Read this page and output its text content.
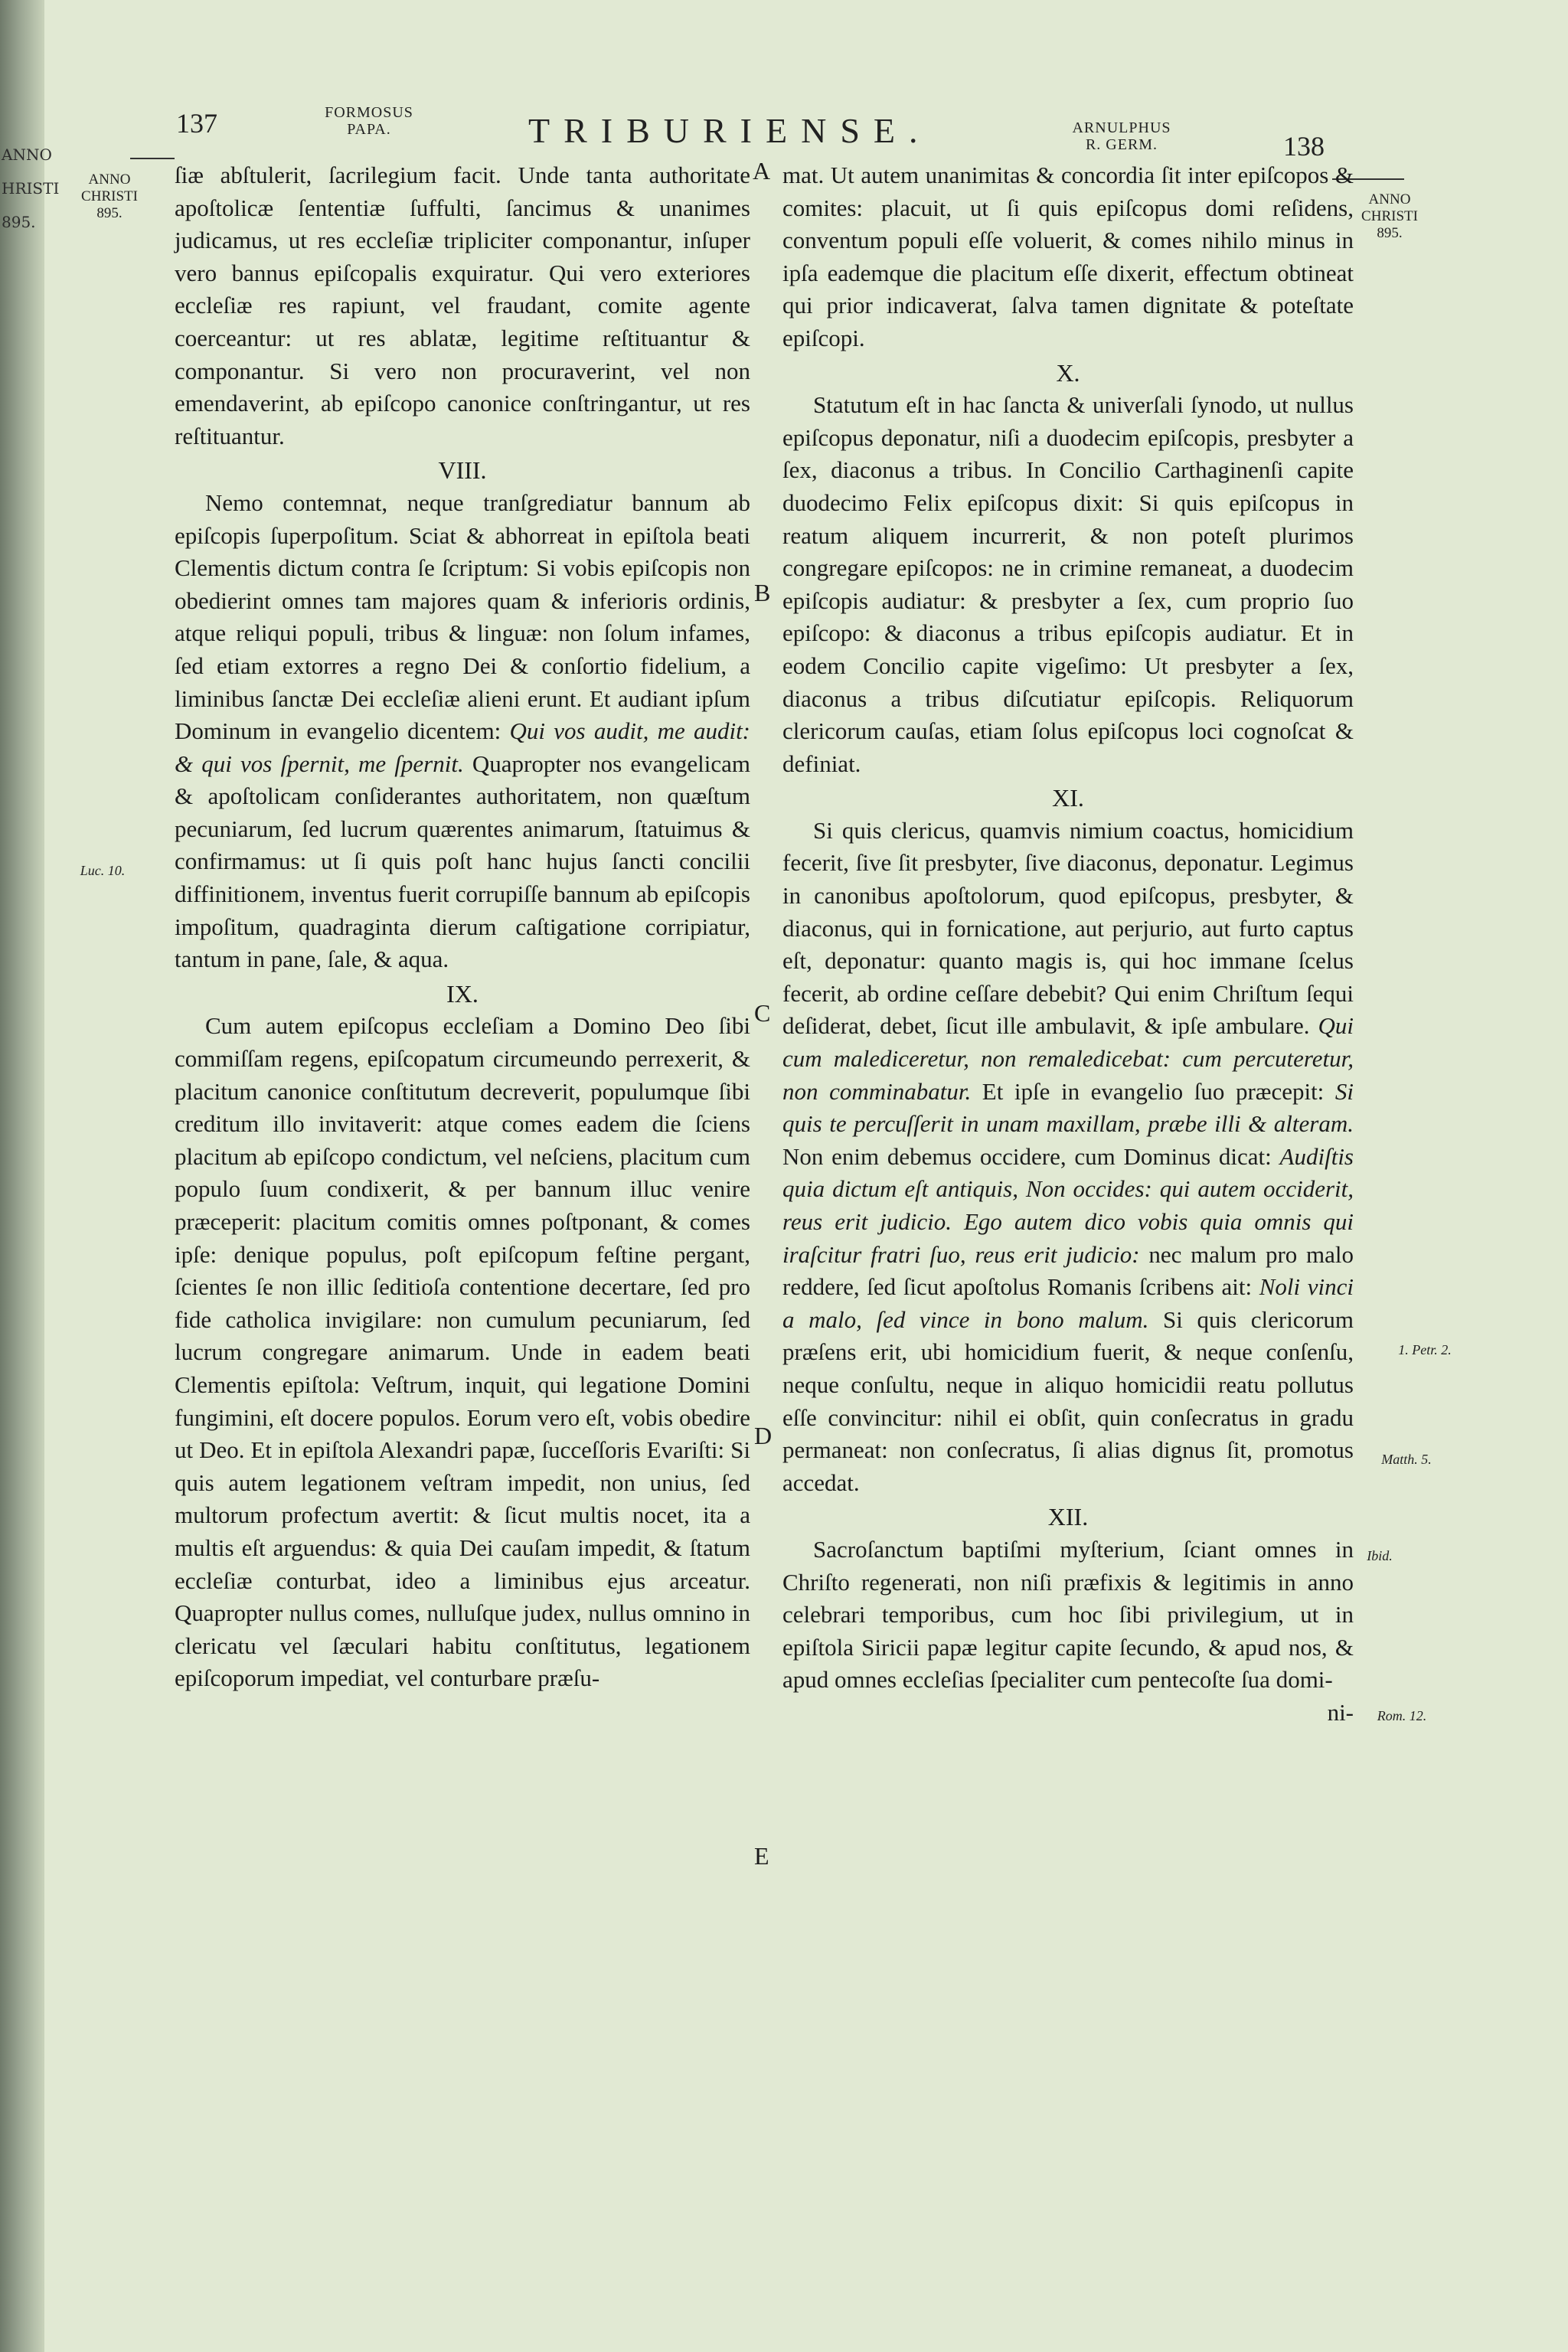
ANNO
HRISTI
895.
137	FORMOSUS
PAPA.	TRIBURIENSE.	ARNULPHUS
R. GERM.	138
ANNO
CHRISTI
895.
ANNO
CHRISTI
895.
Luc. 10.
1. Petr. 2.
Matth. 5.
Ibid.
Rom. 12.
A
B
C
D
E

ſiæ abſtulerit, ſacrilegium facit. Unde tanta authoritate apoſtolicæ ſententiæ ſuffulti, ſancimus & unanimes judicamus, ut res eccleſiæ tripliciter componantur, inſuper vero bannus epiſcopalis exquiratur. Qui vero exteriores eccleſiæ res rapiunt, vel fraudant, comite agente coerceantur: ut res ablatæ, legitime reſtituantur & componantur. Si vero non procuraverint, vel non emendaverint, ab epiſcopo canonice conſtringantur, ut res reſtituantur.

VIII.

Nemo contemnat, neque tranſgrediatur bannum ab epiſcopis ſuperpoſitum. Sciat & abhorreat in epiſtola beati Clementis dictum contra ſe ſcriptum: Si vobis epiſcopis non obedierint omnes tam majores quam & inferioris ordinis, atque reliqui populi, tribus & linguæ: non ſolum infames, ſed etiam extorres a regno Dei & conſortio fidelium, a liminibus ſanctæ Dei eccleſiæ alieni erunt. Et audiant ipſum Dominum in evangelio dicentem: Qui vos audit, me audit: & qui vos ſpernit, me ſpernit. Quapropter nos evangelicam & apoſtolicam conſiderantes authoritatem, non quæſtum pecuniarum, ſed lucrum quærentes animarum, ſtatuimus & confirmamus: ut ſi quis poſt hanc hujus ſancti concilii diffinitionem, inventus fuerit corrupiſſe bannum ab epiſcopis impoſitum, quadraginta dierum caſtigatione corripiatur, tantum in pane, ſale, & aqua.

IX.

Cum autem epiſcopus eccleſiam a Domino Deo ſibi commiſſam regens, epiſcopatum circumeundo perrexerit, & placitum canonice conſtitutum decreverit, populumque ſibi creditum illo invitaverit: atque comes eadem die ſciens placitum ab epiſcopo condictum, vel neſciens, placitum cum populo ſuum condixerit, & per bannum illuc venire præceperit: placitum comitis omnes poſtponant, & comes ipſe: denique populus, poſt epiſcopum feſtine pergant, ſcientes ſe non illic ſeditioſa contentione decertare, ſed pro fide catholica invigilare: non cumulum pecuniarum, ſed lucrum congregare animarum. Unde in eadem beati Clementis epiſtola: Veſtrum, inquit, qui legatione Domini fungimini, eſt docere populos. Eorum vero eſt, vobis obedire ut Deo. Et in epiſtola Alexandri papæ, ſucceſſoris Evariſti: Si quis autem legationem veſtram impedit, non unius, ſed multorum profectum avertit: & ſicut multis nocet, ita a multis eſt arguendus: & quia Dei cauſam impedit, & ſtatum eccleſiæ conturbat, ideo a liminibus ejus arceatur. Quapropter nullus comes, nulluſque judex, nullus omnino in clericatu vel ſæculari habitu conſtitutus, legationem epiſcoporum impediat, vel conturbare præſu-

mat. Ut autem unanimitas & concordia ſit inter epiſcopos & comites: placuit, ut ſi quis epiſcopus domi reſidens, conventum populi eſſe voluerit, & comes nihilo minus in ipſa eademque die placitum eſſe dixerit, effectum obtineat qui prior indicaverat, ſalva tamen dignitate & poteſtate epiſcopi.

X.

Statutum eſt in hac ſancta & univerſali ſynodo, ut nullus epiſcopus deponatur, niſi a duodecim epiſcopis, presbyter a ſex, diaconus a tribus. In Concilio Carthaginenſi capite duodecimo Felix epiſcopus dixit: Si quis epiſcopus in reatum aliquem incurrerit, & non poteſt plurimos congregare epiſcopos: ne in crimine remaneat, a duodecim epiſcopis audiatur: & presbyter a ſex, cum proprio ſuo epiſcopo: & diaconus a tribus epiſcopis audiatur. Et in eodem Concilio capite vigeſimo: Ut presbyter a ſex, diaconus a tribus diſcutiatur epiſcopis. Reliquorum clericorum cauſas, etiam ſolus epiſcopus loci cognoſcat & definiat.

XI.

Si quis clericus, quamvis nimium coactus, homicidium fecerit, ſive ſit presbyter, ſive diaconus, deponatur. Legimus in canonibus apoſtolorum, quod epiſcopus, presbyter, & diaconus, qui in fornicatione, aut perjurio, aut furto captus eſt, deponatur: quanto magis is, qui hoc immane ſcelus fecerit, ab ordine ceſſare debebit? Qui enim Chriſtum ſequi deſiderat, debet, ſicut ille ambulavit, & ipſe ambulare. Qui cum malediceretur, non remaledicebat: cum percuteretur, non comminabatur. Et ipſe in evangelio ſuo præcepit: Si quis te percuſſerit in unam maxillam, præbe illi & alteram. Non enim debemus occidere, cum Dominus dicat: Audiſtis quia dictum eſt antiquis, Non occides: qui autem occiderit, reus erit judicio. Ego autem dico vobis quia omnis qui iraſcitur fratri ſuo, reus erit judicio: nec malum pro malo reddere, ſed ſicut apoſtolus Romanis ſcribens ait: Noli vinci a malo, ſed vince in bono malum. Si quis clericorum præſens erit, ubi homicidium fuerit, & neque conſenſu, neque conſultu, neque in aliquo homicidii reatu pollutus eſſe convincitur: nihil ei obſit, quin conſecratus in gradu permaneat: non conſecratus, ſi alias dignus ſit, promotus accedat.

XII.

Sacroſanctum baptiſmi myſterium, ſciant omnes in Chriſto regenerati, non niſi præfixis & legitimis in anno celebrari temporibus, cum hoc ſibi privilegium, ut in epiſtola Siricii papæ legitur capite ſecundo, & apud nos, & apud omnes eccleſias ſpecialiter cum pentecoſte ſua domi-

ni-
